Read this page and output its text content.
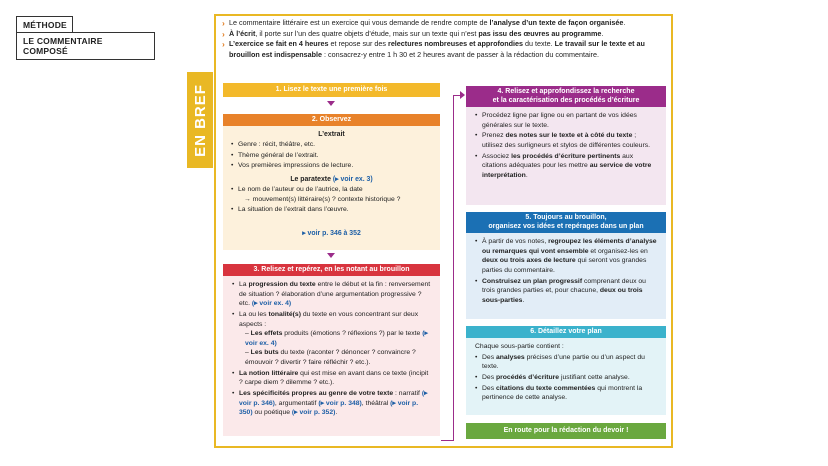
MÉTHODE
LE COMMENTAIRE COMPOSÉ
EN BREF

› Le commentaire littéraire est un exercice qui vous demande de rendre compte de l’analyse d’un texte de façon organisée.

› À l’écrit, il porte sur l’un des quatre objets d’étude, mais sur un texte qui n’est pas issu des œuvres au programme.

› L’exercice se fait en 4 heures et repose sur des relectures nombreuses et approfondies du texte. Le travail sur le texte et au brouillon est indispensable : consacrez-y entre 1 h 30 et 2 heures avant de passer à la rédaction du commentaire.

1. Lisez le texte une première fois
2. Observez
L’extrait
• Genre : récit, théâtre, etc.
• Thème général de l’extrait.
• Vos premières impressions de lecture.
Le paratexte (▸ voir ex. 3)
• Le nom de l’auteur ou de l’autrice, la date
→ mouvement(s) littéraire(s) ? contexte historique ?
• La situation de l’extrait dans l’œuvre.
▸ voir p. 346 à 352
3. Relisez et repérez, en les notant au brouillon
• La progression du texte entre le début et la fin : renversement de situation ? élaboration d’une argumentation progressive ? etc. (▸ voir ex. 4)
• La ou les tonalité(s) du texte en vous concentrant sur deux aspects :
– Les effets produits (émotions ? réflexions ?) par le texte (▸ voir ex. 4)
– Les buts du texte (raconter ? dénoncer ? convaincre ? émouvoir ? divertir ? faire réfléchir ? etc.).
• La notion littéraire qui est mise en avant dans ce texte (incipit ? carpe diem ? dilemme ? etc.).
• Les spécificités propres au genre de votre texte : narratif (▸ voir p. 346), argumentatif (▸ voir p. 348), théâtral (▸ voir p. 350) ou poétique (▸ voir p. 352).
4. Relisez et approfondissez la recherche
et la caractérisation des procédés d’écriture
• Procédez ligne par ligne ou en partant de vos idées générales sur le texte.
• Prenez des notes sur le texte et à côté du texte ; utilisez des surligneurs et stylos de différentes couleurs.
• Associez les procédés d’écriture pertinents aux citations adéquates pour les mettre au service de votre interprétation.
5. Toujours au brouillon,
organisez vos idées et repérages dans un plan
• À partir de vos notes, regroupez les éléments d’analyse ou remarques qui vont ensemble et organisez-les en deux ou trois axes de lecture qui seront vos grandes parties du commentaire.
• Construisez un plan progressif comprenant deux ou trois grandes parties et, pour chacune, deux ou trois sous-parties.
6. Détaillez votre plan
Chaque sous-partie contient :
• Des analyses précises d’une partie ou d’un aspect du texte.
• Des procédés d’écriture justifiant cette analyse.
• Des citations du texte commentées qui montrent la pertinence de cette analyse.
En route pour la rédaction du devoir !
